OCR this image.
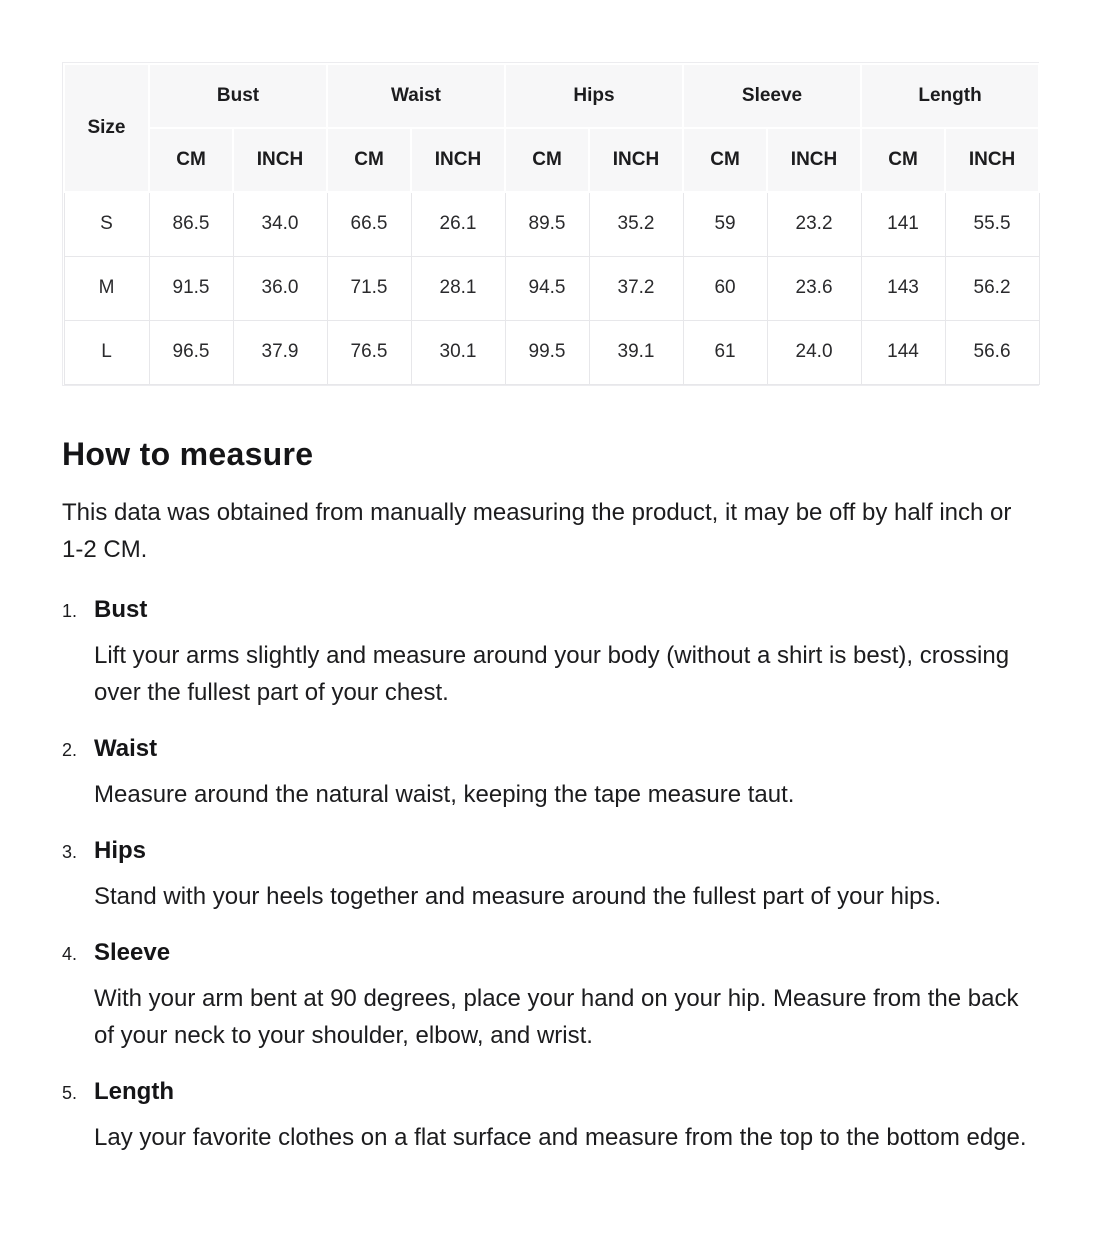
Size	Bust		Waist		Hips		Sleeve		Length	
	CM	INCH	CM	INCH	CM	INCH	CM	INCH	CM	INCH
S	86.5	34.0	66.5	26.1	89.5	35.2	59	23.2	141	55.5
M	91.5	36.0	71.5	28.1	94.5	37.2	60	23.6	143	56.2
L	96.5	37.9	76.5	30.1	99.5	39.1	61	24.0	144	56.6
How to measure

This data was obtained from manually measuring the product, it may be off by half inch or 1-2 CM.

1. Bust

Lift your arms slightly and measure around your body (without a shirt is best), crossing over the fullest part of your chest.

2. Waist

Measure around the natural waist, keeping the tape measure taut.

3. Hips

Stand with your heels together and measure around the fullest part of your hips.

4. Sleeve

With your arm bent at 90 degrees, place your hand on your hip. Measure from the back of your neck to your shoulder, elbow, and wrist.

5. Length

Lay your favorite clothes on a flat surface and measure from the top to the bottom edge.
